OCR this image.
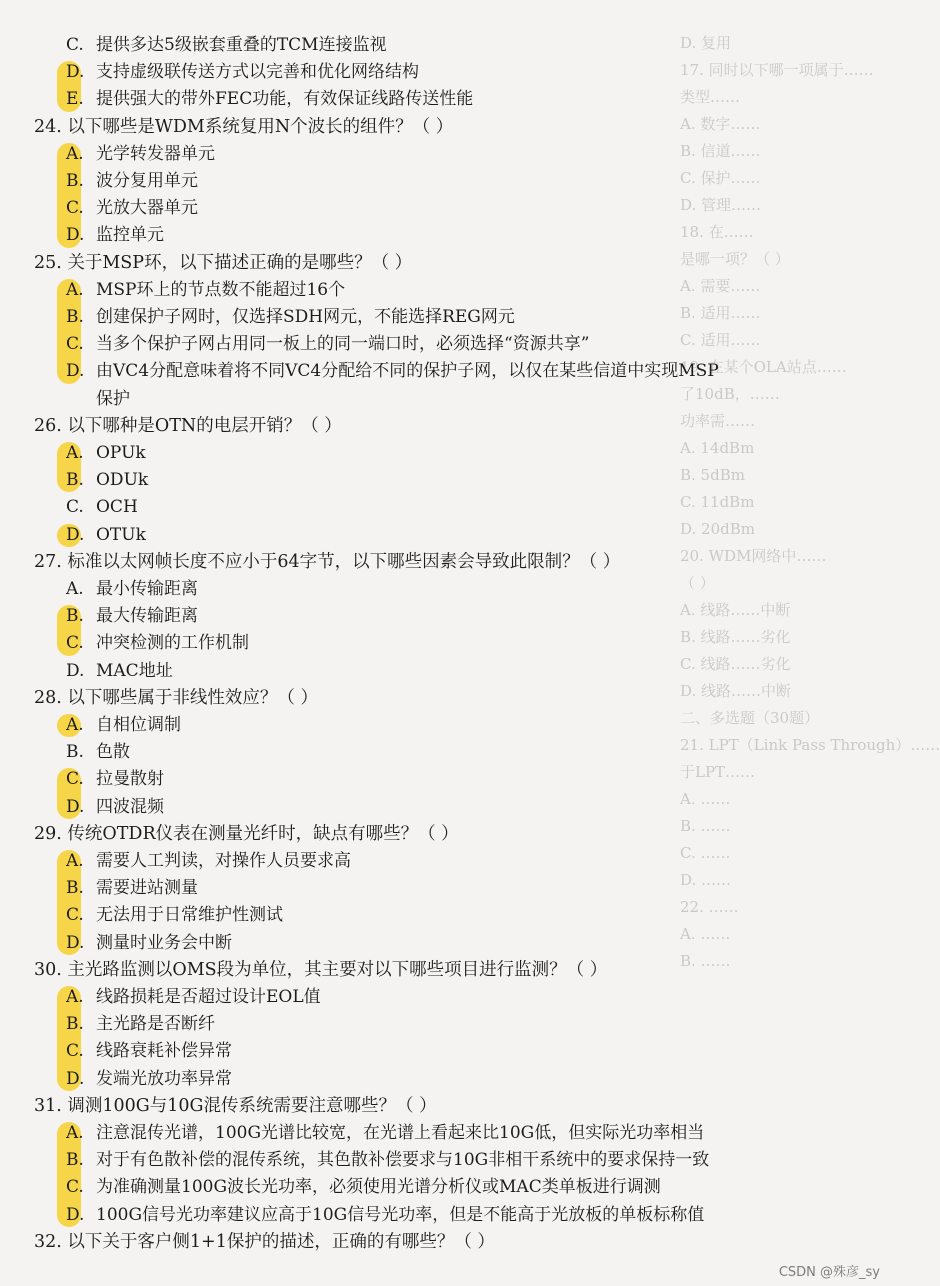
D. 复用
17. 同时以下哪一项属于……
类型……
A. 数字……
B. 信道……
C. 保护……
D. 管理……
18. 在……
是哪一项？（ ）
A. 需要……
B. 适用……
C. 适用……
19. 在某个OLA站点……
了10dB，……
功率需……
A. 14dBm
B. 5dBm
C. 11dBm
D. 20dBm
20. WDM网络中……
（ ）
A. 线路……中断
B. 线路……劣化
C. 线路……劣化
D. 线路……中断
二、多选题（30题）
21. LPT（Link Pass Through）……
于LPT……
A. ……
B. ……
C. ……
D. ……
22. ……
A. ……
B. ……
C. 提供多达5级嵌套重叠的TCM连接监视
D. 支持虚级联传送方式以完善和优化网络结构
E. 提供强大的带外FEC功能，有效保证线路传送性能
24. 以下哪些是WDM系统复用N个波长的组件？（ ）
A. 光学转发器单元
B. 波分复用单元
C. 光放大器单元
D. 监控单元
25. 关于MSP环，以下描述正确的是哪些？（ ）
A. MSP环上的节点数不能超过16个
B. 创建保护子网时，仅选择SDH网元，不能选择REG网元
C. 当多个保护子网占用同一板上的同一端口时，必须选择“资源共享”
D. 由VC4分配意味着将不同VC4分配给不同的保护子网，以仅在某些信道中实现MSP
保护
26. 以下哪种是OTN的电层开销？（ ）
A. OPUk
B. ODUk
C. OCH
D. OTUk
27. 标准以太网帧长度不应小于64字节，以下哪些因素会导致此限制？（ ）
A. 最小传输距离
B. 最大传输距离
C. 冲突检测的工作机制
D. MAC地址
28. 以下哪些属于非线性效应？（ ）
A. 自相位调制
B. 色散
C. 拉曼散射
D. 四波混频
29. 传统OTDR仪表在测量光纤时，缺点有哪些？（ ）
A. 需要人工判读，对操作人员要求高
B. 需要进站测量
C. 无法用于日常维护性测试
D. 测量时业务会中断
30. 主光路监测以OMS段为单位，其主要对以下哪些项目进行监测？（ ）
A. 线路损耗是否超过设计EOL值
B. 主光路是否断纤
C. 线路衰耗补偿异常
D. 发端光放功率异常
31. 调测100G与10G混传系统需要注意哪些？（ ）
A. 注意混传光谱，100G光谱比较宽，在光谱上看起来比10G低，但实际光功率相当
B. 对于有色散补偿的混传系统，其色散补偿要求与10G非相干系统中的要求保持一致
C. 为准确测量100G波长光功率，必须使用光谱分析仪或MAC类单板进行调测
D. 100G信号光功率建议应高于10G信号光功率，但是不能高于光放板的单板标称值
32. 以下关于客户侧1+1保护的描述，正确的有哪些？（ ）
CSDN @殊彦_sy
